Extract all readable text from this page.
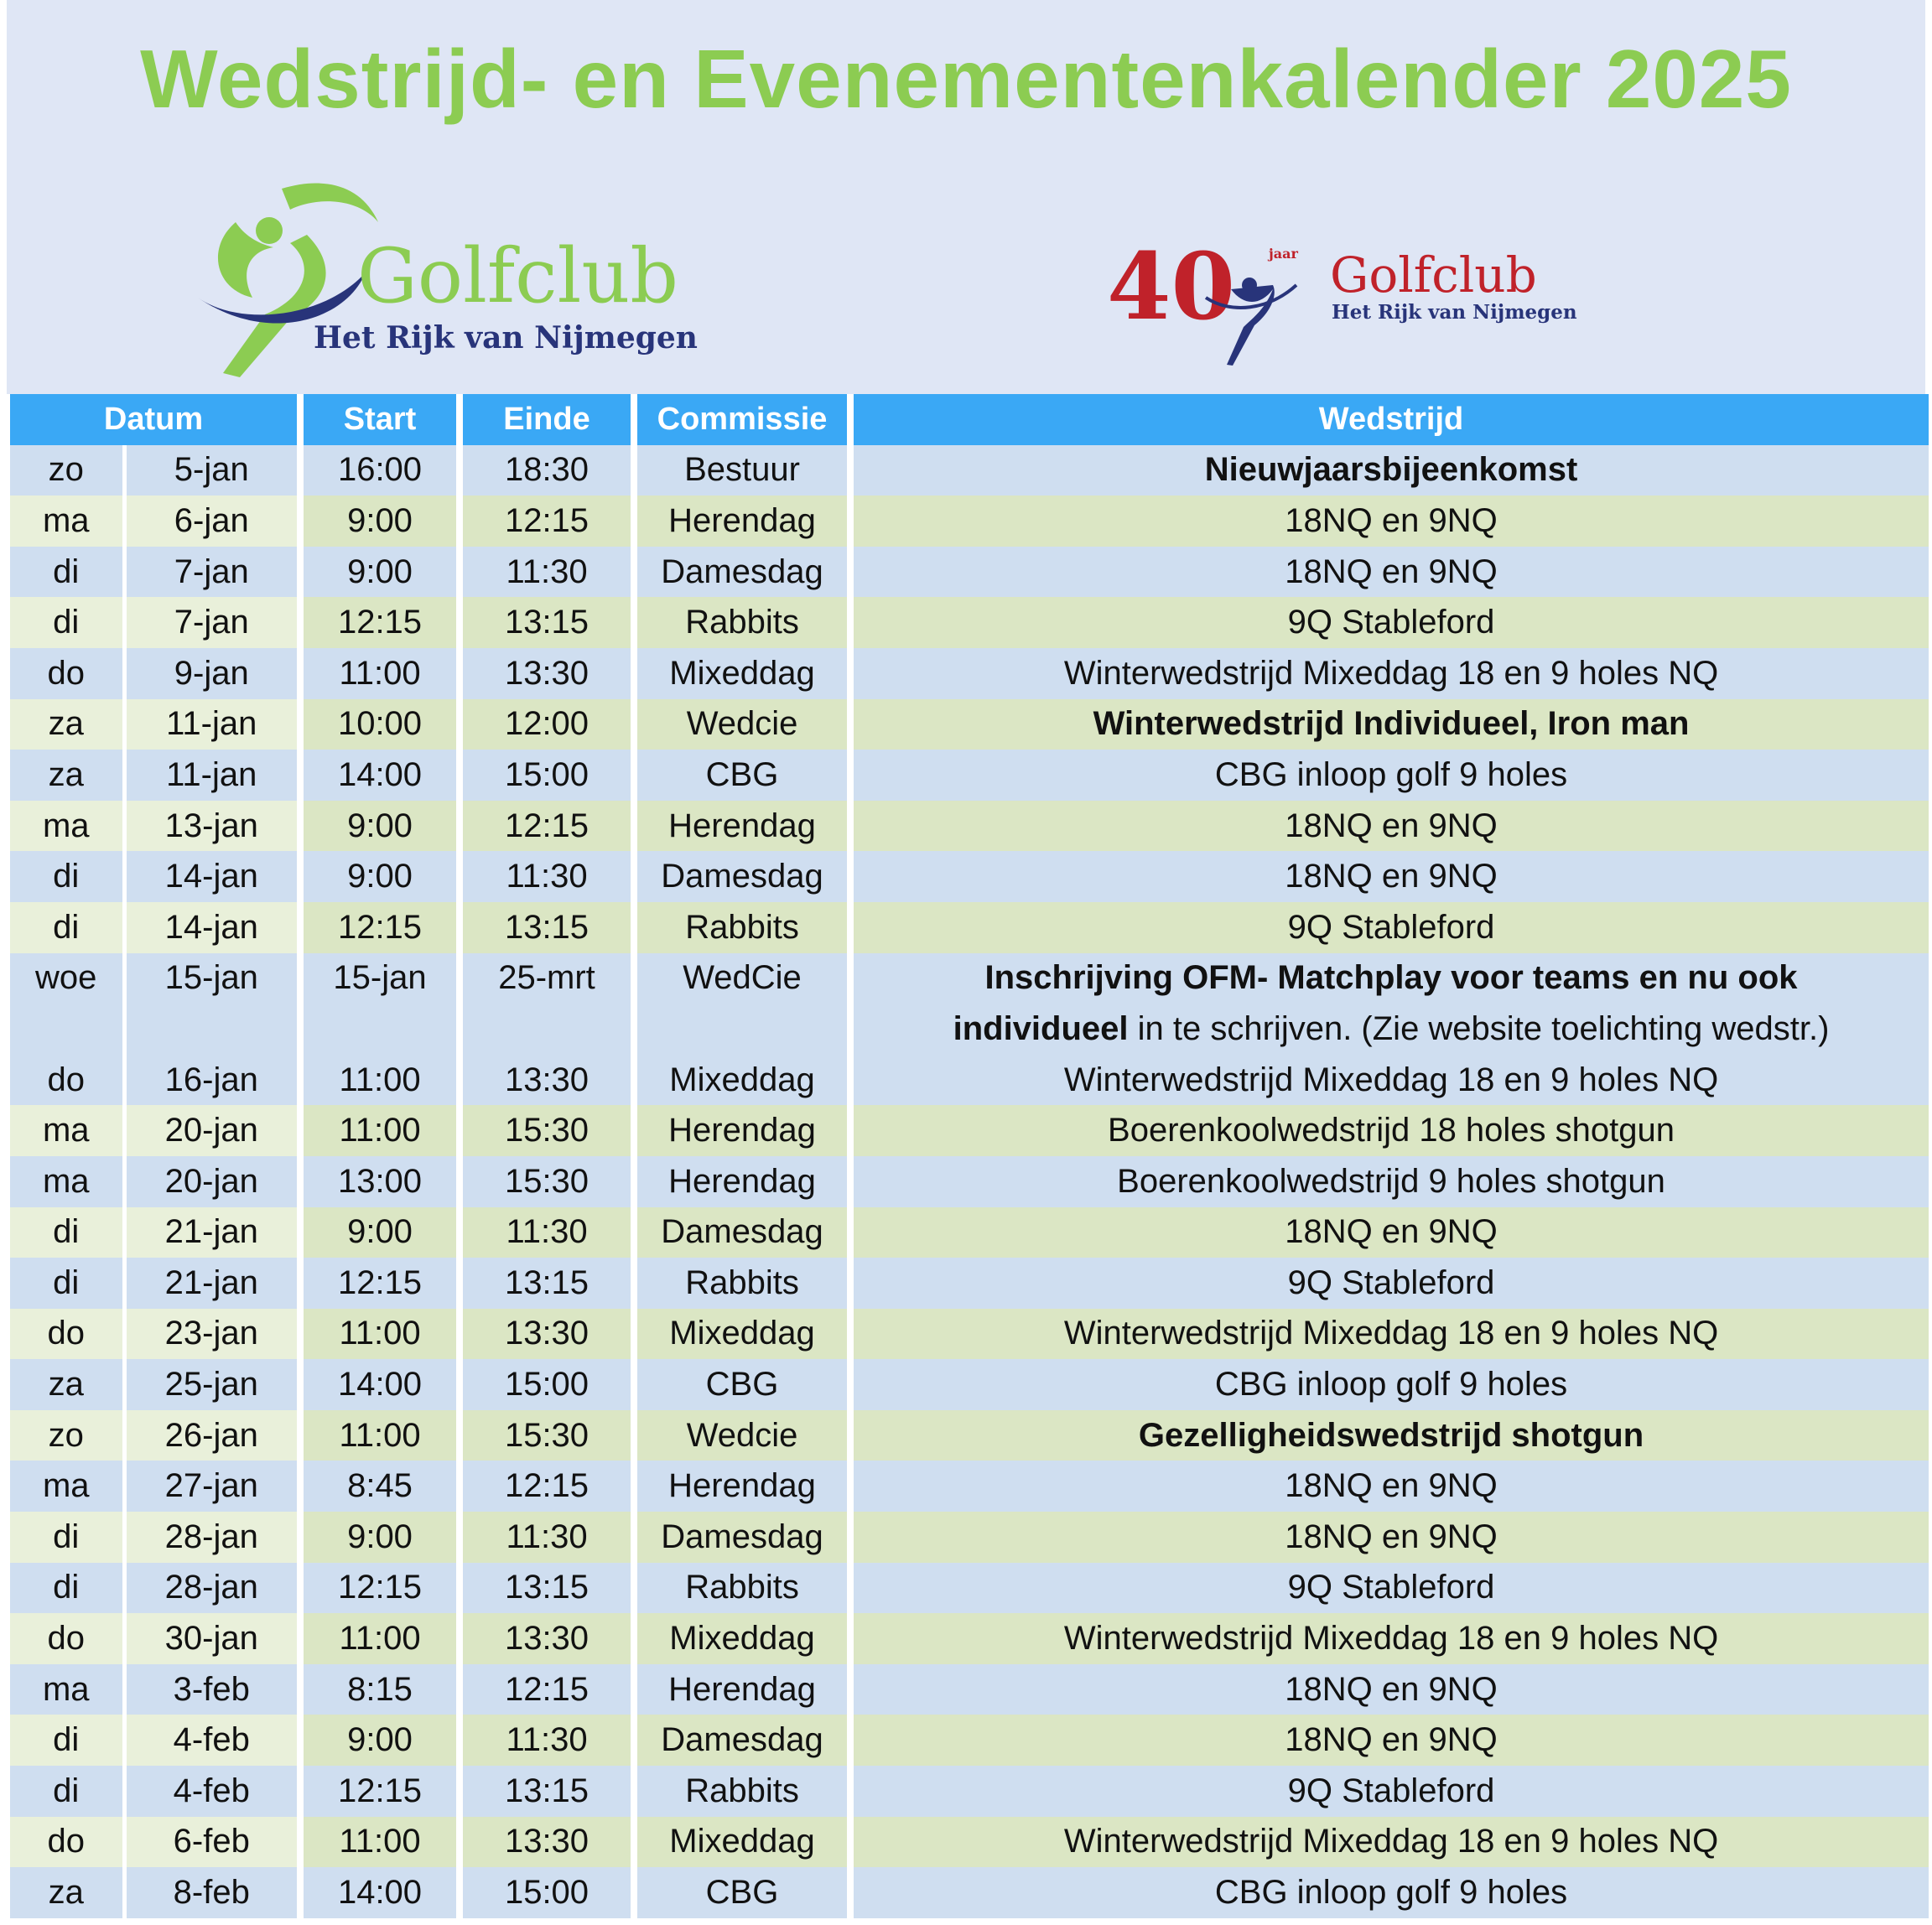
Wedstrijd- en Evenementenkalender 2025
Golfclub
Het Rijk van Nijmegen	40 jaar Golfclub
Het Rijk van Nijmegen
Datum		Start	Einde	Commissie	Wedstrijd
zo	5-jan	16:00	18:30	Bestuur	Nieuwjaarsbijeenkomst
ma	6-jan	9:00	12:15	Herendag	18NQ en 9NQ
di	7-jan	9:00	11:30	Damesdag	18NQ en 9NQ
di	7-jan	12:15	13:15	Rabbits	9Q Stableford
do	9-jan	11:00	13:30	Mixeddag	Winterwedstrijd Mixeddag 18 en 9 holes NQ
za	11-jan	10:00	12:00	Wedcie	Winterwedstrijd Individueel, Iron man
za	11-jan	14:00	15:00	CBG	CBG inloop golf 9 holes
ma	13-jan	9:00	12:15	Herendag	18NQ en 9NQ
di	14-jan	9:00	11:30	Damesdag	18NQ en 9NQ
di	14-jan	12:15	13:15	Rabbits	9Q Stableford
woe	15-jan	15-jan	25-mrt	WedCie	Inschrijving OFM- Matchplay voor teams en nu ook
					individueel in te schrijven. (Zie website toelichting wedstr.)
do	16-jan	11:00	13:30	Mixeddag	Winterwedstrijd Mixeddag 18 en 9 holes NQ
ma	20-jan	11:00	15:30	Herendag	Boerenkoolwedstrijd 18 holes shotgun
ma	20-jan	13:00	15:30	Herendag	Boerenkoolwedstrijd 9 holes shotgun
di	21-jan	9:00	11:30	Damesdag	18NQ en 9NQ
di	21-jan	12:15	13:15	Rabbits	9Q Stableford
do	23-jan	11:00	13:30	Mixeddag	Winterwedstrijd Mixeddag 18 en 9 holes NQ
za	25-jan	14:00	15:00	CBG	CBG inloop golf 9 holes
zo	26-jan	11:00	15:30	Wedcie	Gezelligheidswedstrijd shotgun
ma	27-jan	8:45	12:15	Herendag	18NQ en 9NQ
di	28-jan	9:00	11:30	Damesdag	18NQ en 9NQ
di	28-jan	12:15	13:15	Rabbits	9Q Stableford
do	30-jan	11:00	13:30	Mixeddag	Winterwedstrijd Mixeddag 18 en 9 holes NQ
ma	3-feb	8:15	12:15	Herendag	18NQ en 9NQ
di	4-feb	9:00	11:30	Damesdag	18NQ en 9NQ
di	4-feb	12:15	13:15	Rabbits	9Q Stableford
do	6-feb	11:00	13:30	Mixeddag	Winterwedstrijd Mixeddag 18 en 9 holes NQ
za	8-feb	14:00	15:00	CBG	CBG inloop golf 9 holes
